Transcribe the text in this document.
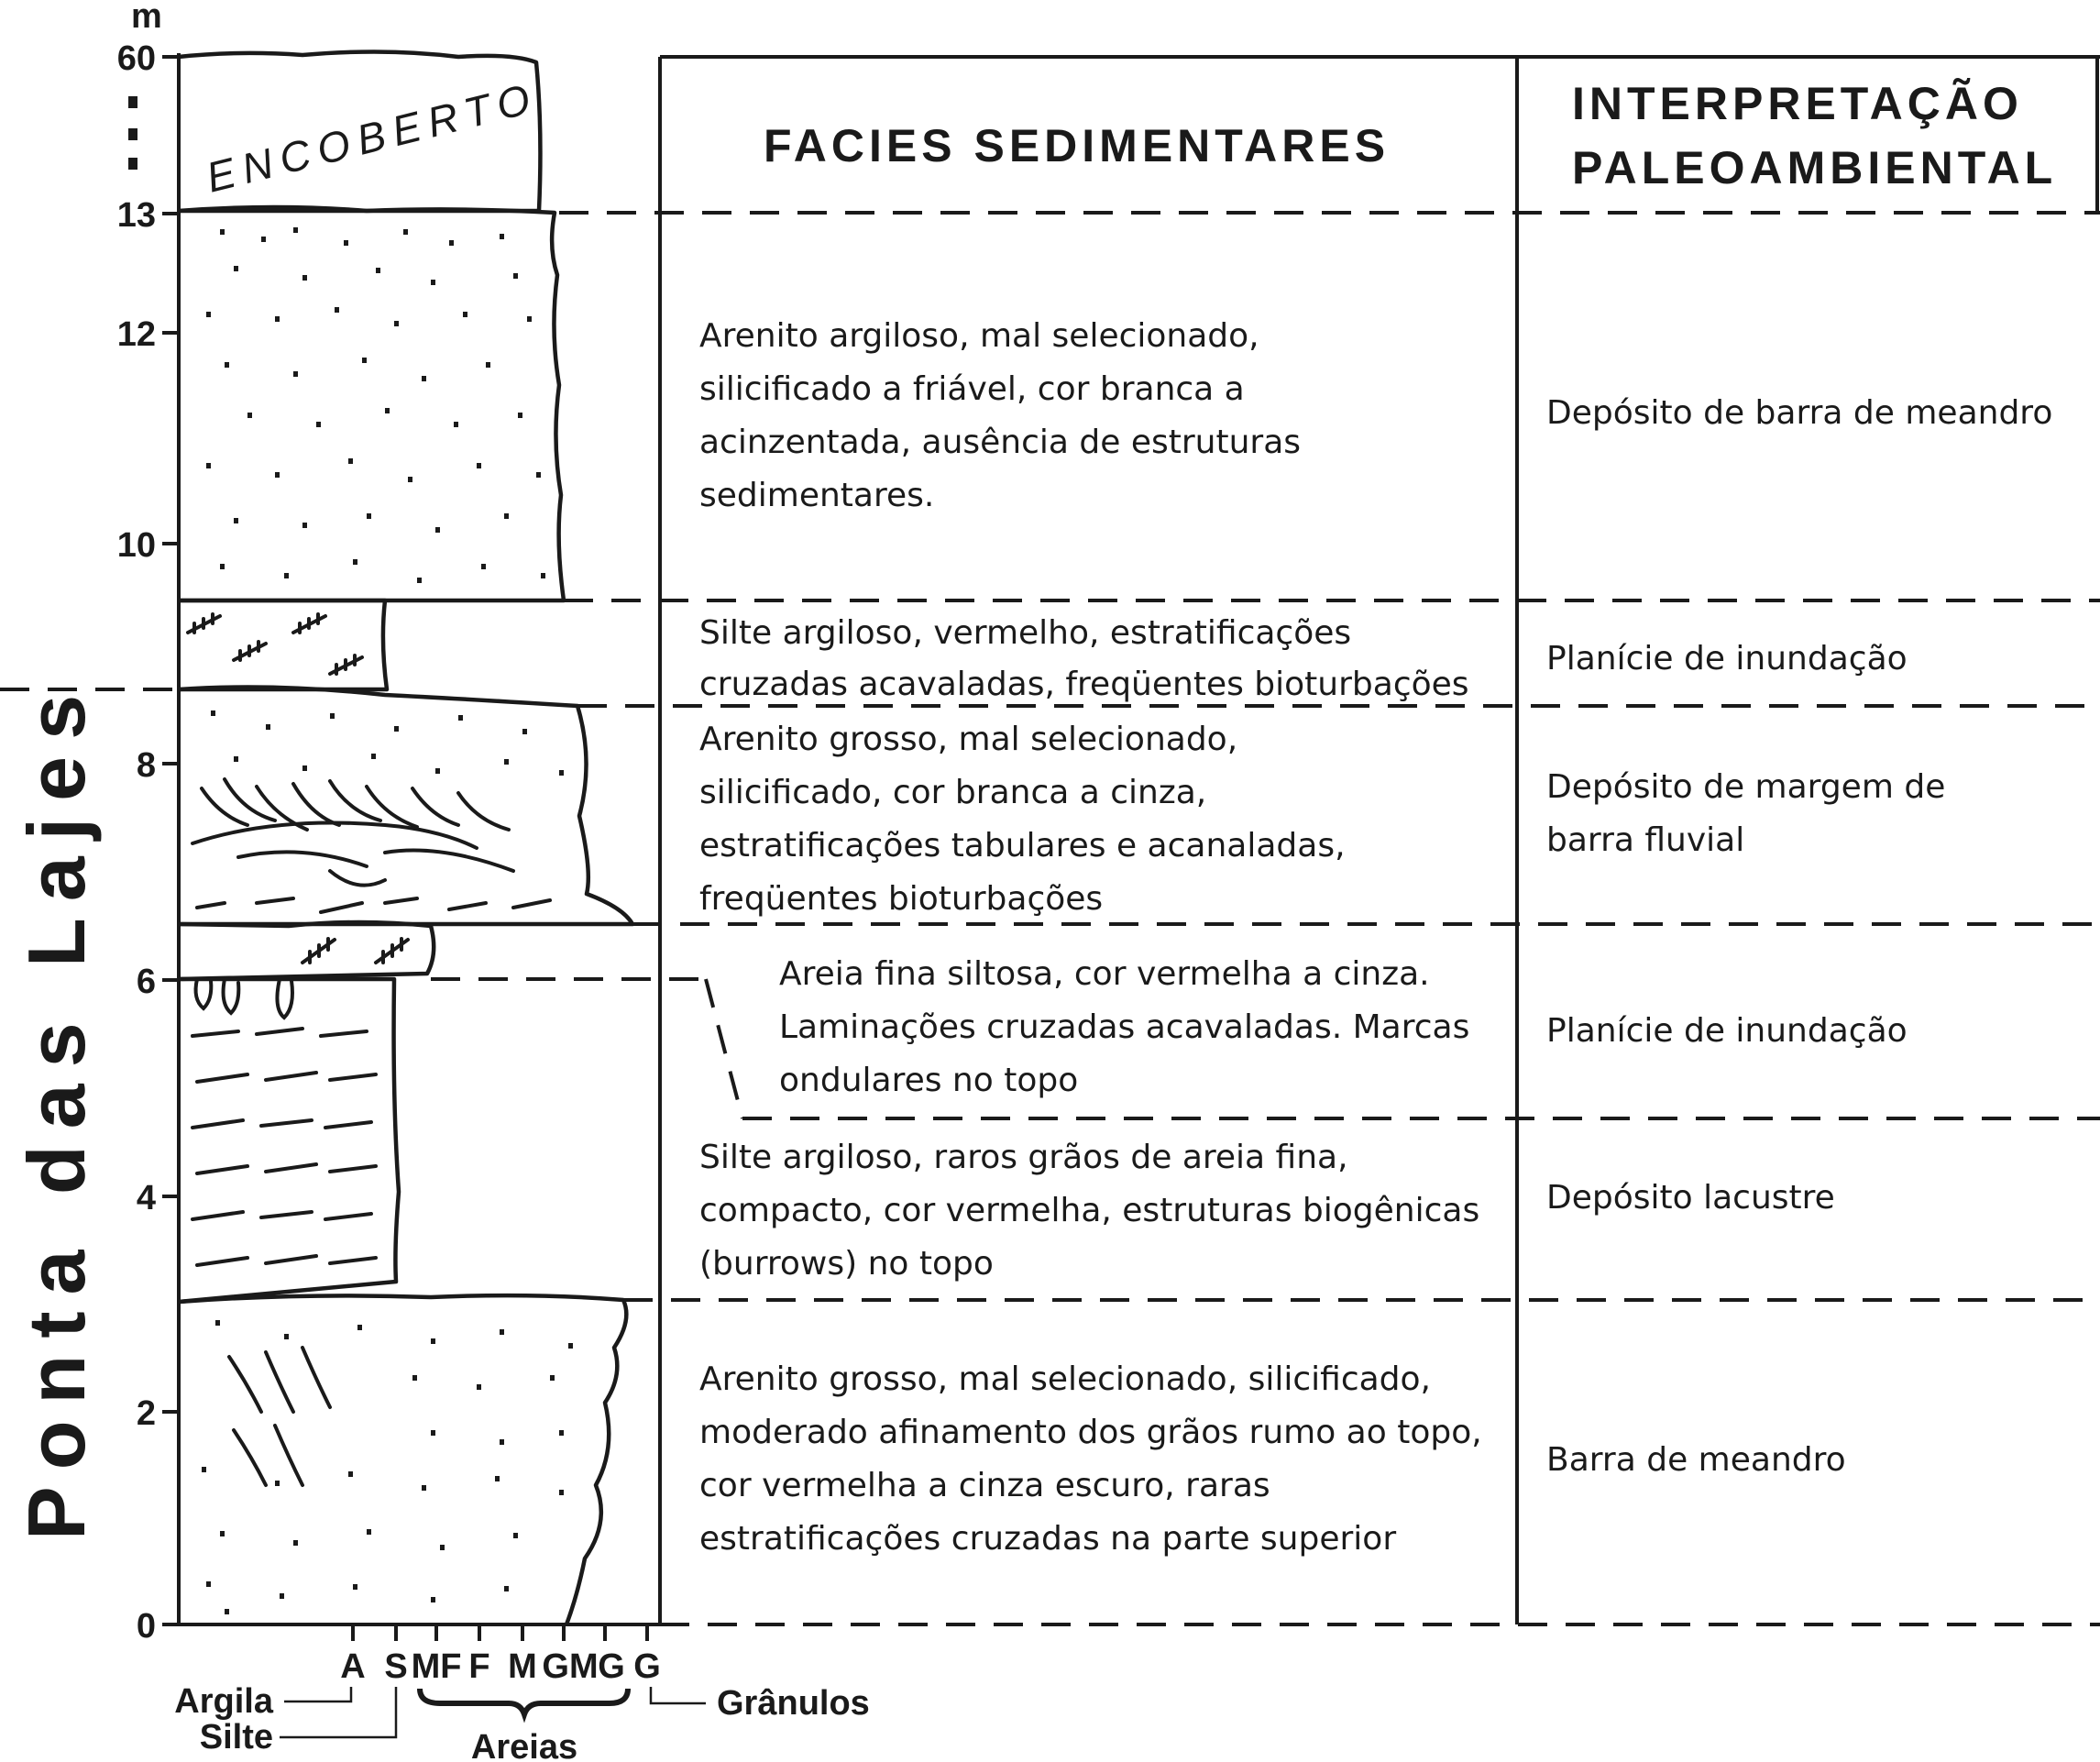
Ponta das Lajes
m
60
13
12
10
8
6
4
2
0
ENCOBERTO	FACIES SEDIMENTARES
INTERPRETAÇÃO
PALEOAMBIENTAL
Arenito argiloso, mal selecionado,
silicificado a friável, cor branca a
acinzentada, ausência de estruturas
sedimentares.
Silte argiloso, vermelho, estratificações
cruzadas acavaladas, freqüentes bioturbações
Arenito grosso, mal selecionado,
silicificado, cor branca a cinza,
estratificações tabulares e acanaladas,
freqüentes bioturbações
Areia fina siltosa, cor vermelha a cinza.
Laminações cruzadas acavaladas. Marcas
ondulares no topo
Silte argiloso, raros grãos de areia fina,
compacto, cor vermelha, estruturas biogênicas
(burrows) no topo
Arenito grosso, mal selecionado, silicificado,
moderado afinamento dos grãos rumo ao topo,
cor vermelha a cinza escuro, raras
estratificações cruzadas na parte superior
Depósito de barra de meandro
Planície de inundação
Depósito de margem de
barra fluvial
Planície de inundação
Depósito lacustre
Barra de meandro
A S MF F M GM G G
Argila
Silte	Areias
Grânulos
